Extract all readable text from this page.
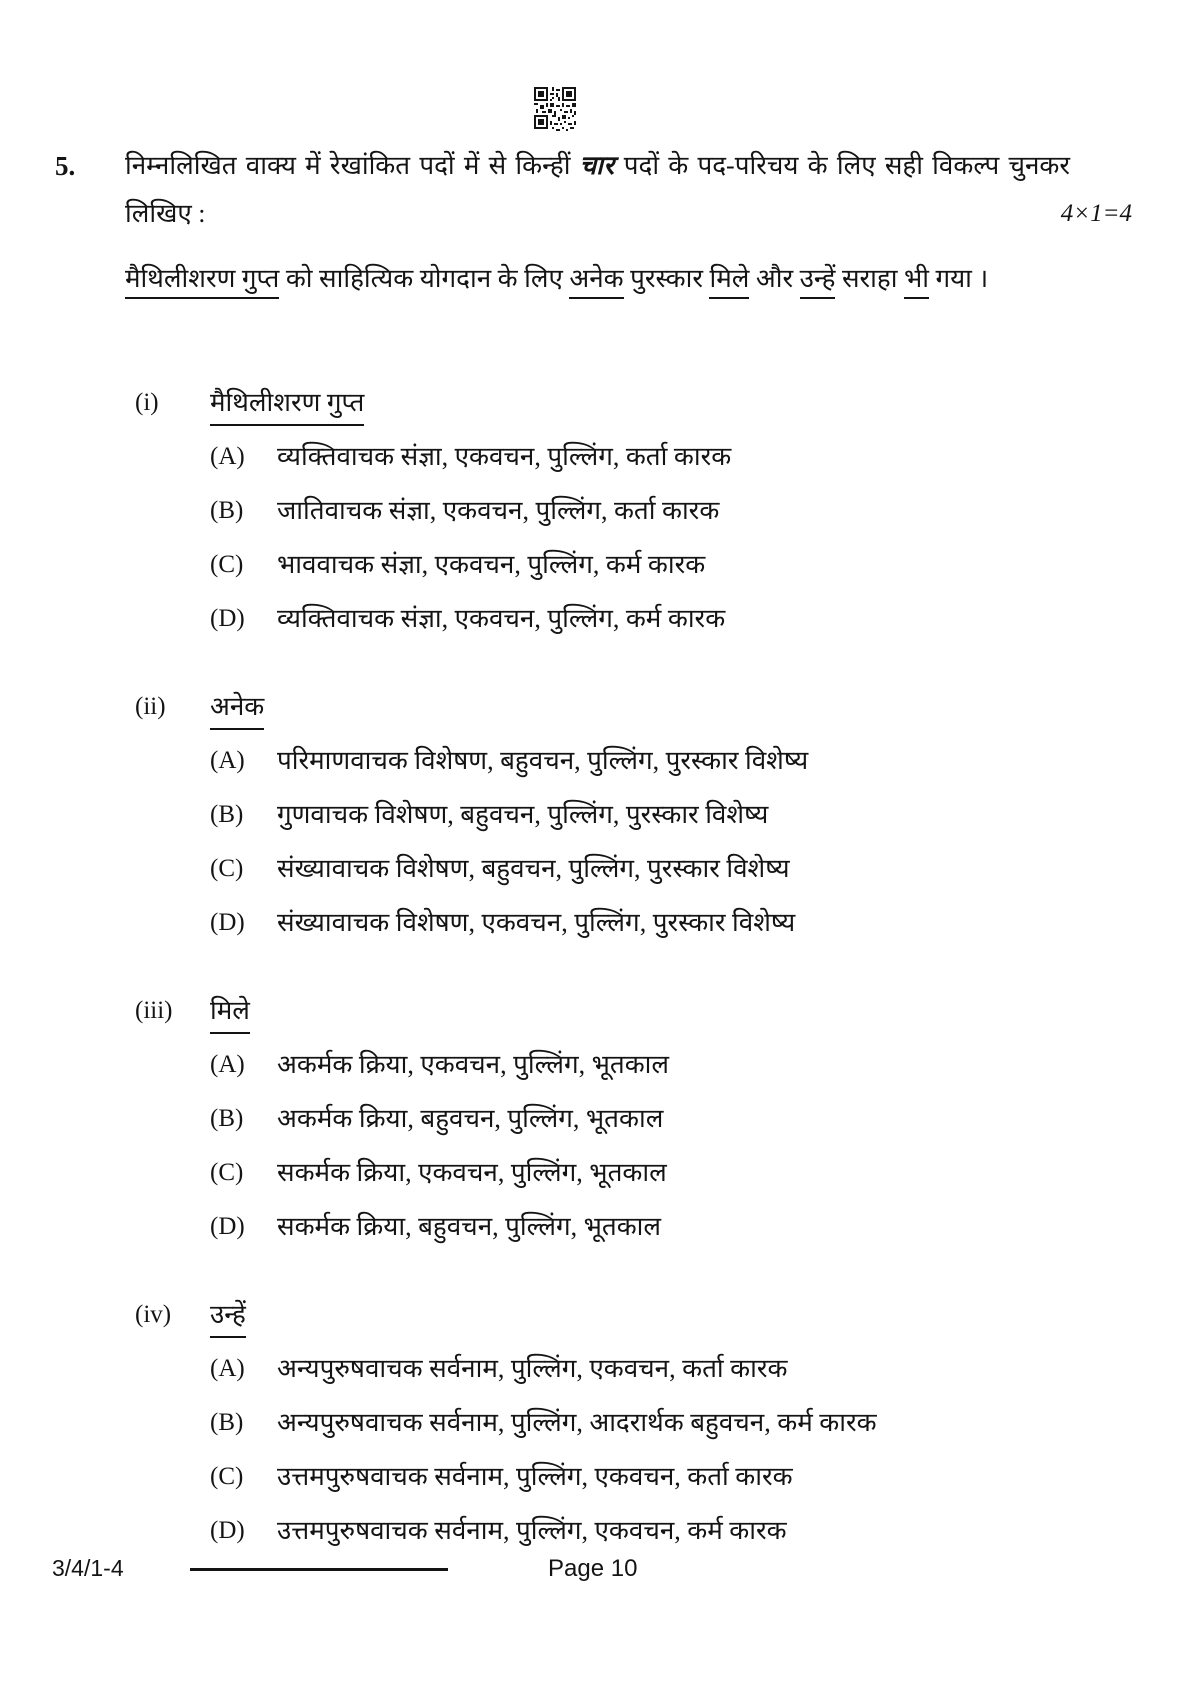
5.	निम्नलिखित वाक्य में रेखांकित पदों में से किन्हीं चार पदों के पद-परिचय के लिए सही विकल्प चुनकर लिखिए :	4×1=4
मैथिलीशरण गुप्त को साहित्यिक योगदान के लिए अनेक पुरस्कार मिले और उन्हें सराहा भी गया ।
(i)	मैथिलीशरण गुप्त
(A)	व्यक्तिवाचक संज्ञा, एकवचन, पुल्लिंग, कर्ता कारक
(B)	जातिवाचक संज्ञा, एकवचन, पुल्लिंग, कर्ता कारक
(C)	भाववाचक संज्ञा, एकवचन, पुल्लिंग, कर्म कारक
(D)	व्यक्तिवाचक संज्ञा, एकवचन, पुल्लिंग, कर्म कारक
(ii)	अनेक
(A)	परिमाणवाचक विशेषण, बहुवचन, पुल्लिंग, पुरस्कार विशेष्य
(B)	गुणवाचक विशेषण, बहुवचन, पुल्लिंग, पुरस्कार विशेष्य
(C)	संख्यावाचक विशेषण, बहुवचन, पुल्लिंग, पुरस्कार विशेष्य
(D)	संख्यावाचक विशेषण, एकवचन, पुल्लिंग, पुरस्कार विशेष्य
(iii)	मिले
(A)	अकर्मक क्रिया, एकवचन, पुल्लिंग, भूतकाल
(B)	अकर्मक क्रिया, बहुवचन, पुल्लिंग, भूतकाल
(C)	सकर्मक क्रिया, एकवचन, पुल्लिंग, भूतकाल
(D)	सकर्मक क्रिया, बहुवचन, पुल्लिंग, भूतकाल
(iv)	उन्हें
(A)	अन्यपुरुषवाचक सर्वनाम, पुल्लिंग, एकवचन, कर्ता कारक
(B)	अन्यपुरुषवाचक सर्वनाम, पुल्लिंग, आदरार्थक बहुवचन, कर्म कारक
(C)	उत्तमपुरुषवाचक सर्वनाम, पुल्लिंग, एकवचन, कर्ता कारक
(D)	उत्तमपुरुषवाचक सर्वनाम, पुल्लिंग, एकवचन, कर्म कारक
3/4/1-4	Page 10
